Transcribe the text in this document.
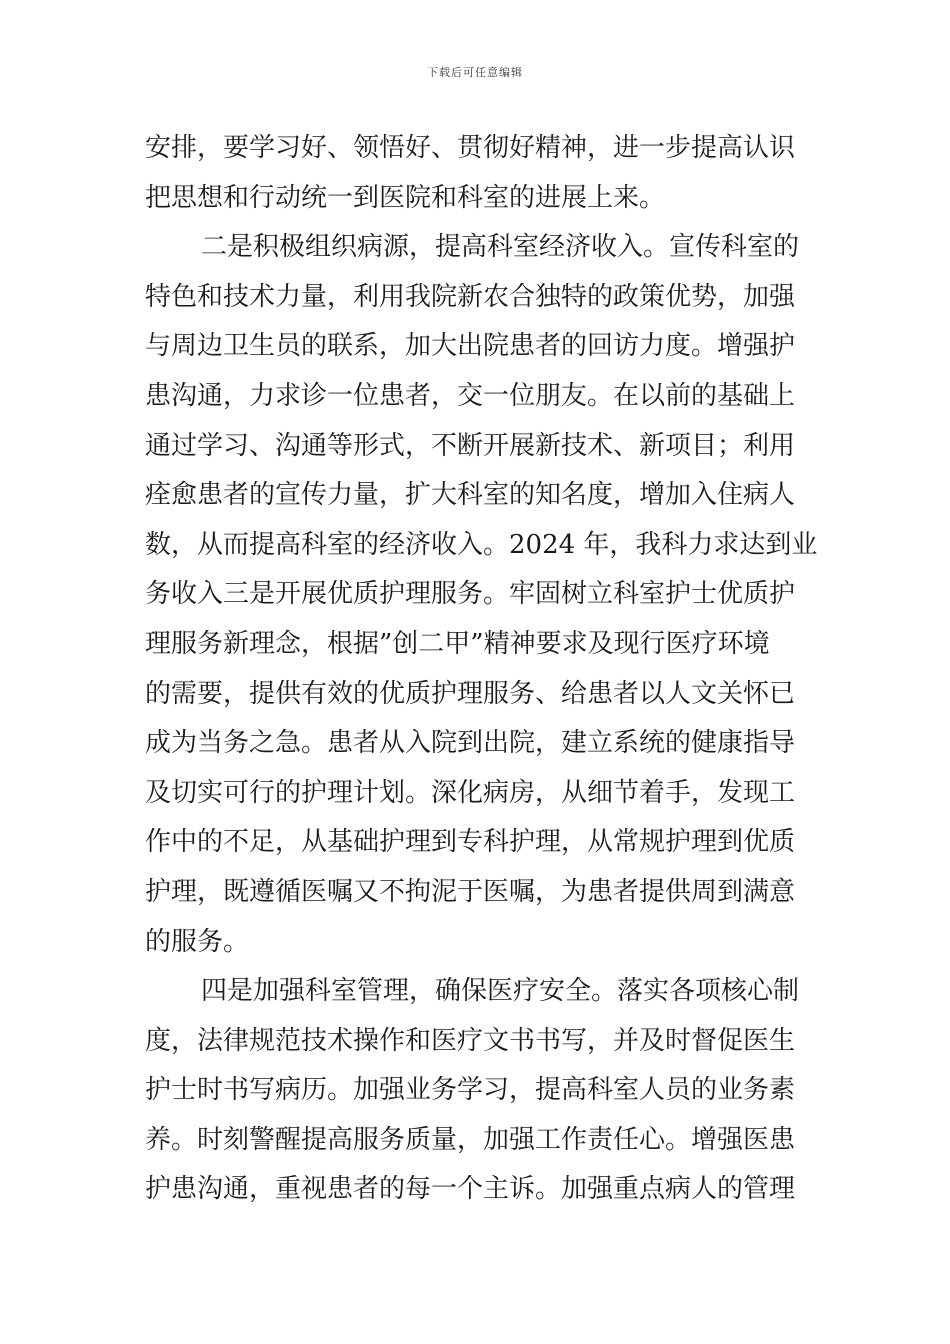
下载后可任意编辑

安排，要学习好、领悟好、贯彻好精神，进一步提高认识
把思想和行动统一到医院和科室的进展上来。

二是积极组织病源，提高科室经济收入。宣传科室的
特色和技术力量，利用我院新农合独特的政策优势，加强
与周边卫生员的联系，加大出院患者的回访力度。增强护
患沟通，力求诊一位患者，交一位朋友。在以前的基础上
通过学习、沟通等形式，不断开展新技术、新项目；利用
痊愈患者的宣传力量，扩大科室的知名度，增加入住病人
数，从而提高科室的经济收入。2024 年，我科力求达到业
务收入三是开展优质护理服务。牢固树立科室护士优质护
理服务新理念，根据”创二甲”精神要求及现行医疗环境
的需要，提供有效的优质护理服务、给患者以人文关怀已
成为当务之急。患者从入院到出院，建立系统的健康指导
及切实可行的护理计划。深化病房，从细节着手，发现工
作中的不足，从基础护理到专科护理，从常规护理到优质
护理，既遵循医嘱又不拘泥于医嘱，为患者提供周到满意
的服务。

四是加强科室管理，确保医疗安全。落实各项核心制
度，法律规范技术操作和医疗文书书写，并及时督促医生
护士时书写病历。加强业务学习，提高科室人员的业务素
养。时刻警醒提高服务质量，加强工作责任心。增强医患
护患沟通，重视患者的每一个主诉。加强重点病人的管理
